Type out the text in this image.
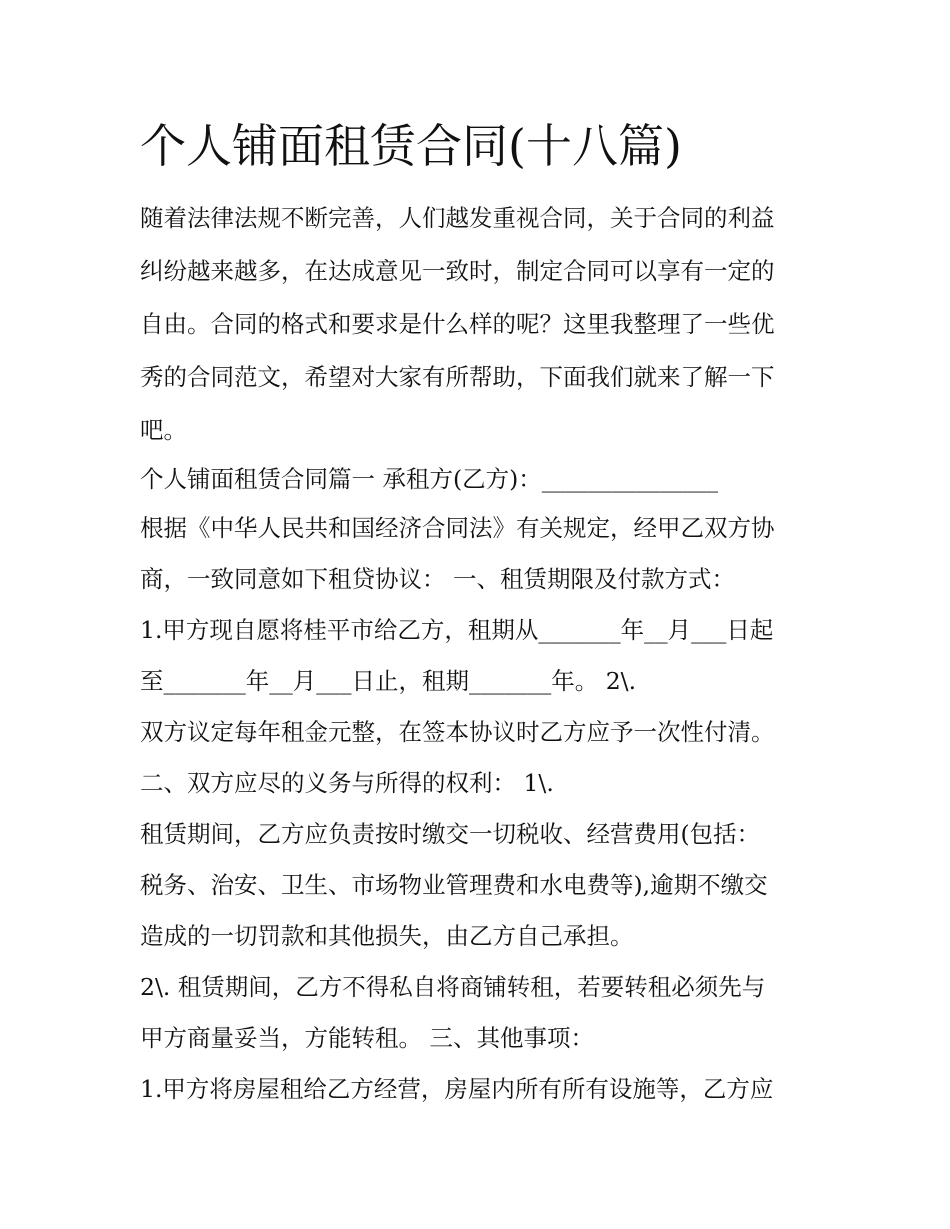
个人铺面租赁合同(十八篇)

随着法律法规不断完善，人们越发重视合同，关于合同的利益

纠纷越来越多，在达成意见一致时，制定合同可以享有一定的

自由。合同的格式和要求是什么样的呢？这里我整理了一些优

秀的合同范文，希望对大家有所帮助，下面我们就来了解一下

吧。

个人铺面租赁合同篇一 承租方(乙方)：_______________

根据《中华人民共和国经济合同法》有关规定，经甲乙双方协

商，一致同意如下租贷协议： 一、租赁期限及付款方式：

1.甲方现自愿将桂平市给乙方，租期从_______年__月___日起

至_______年__月___日止，租期_______年。 2\.

双方议定每年租金元整，在签本协议时乙方应予一次性付清。

二、双方应尽的义务与所得的权利： 1\.

租赁期间，乙方应负责按时缴交一切税收、经营费用(包括：

税务、治安、卫生、市场物业管理费和水电费等),逾期不缴交

造成的一切罚款和其他损失，由乙方自己承担。

2\. 租赁期间，乙方不得私自将商铺转租，若要转租必须先与

甲方商量妥当，方能转租。 三、其他事项：

1.甲方将房屋租给乙方经营，房屋内所有所有设施等，乙方应
